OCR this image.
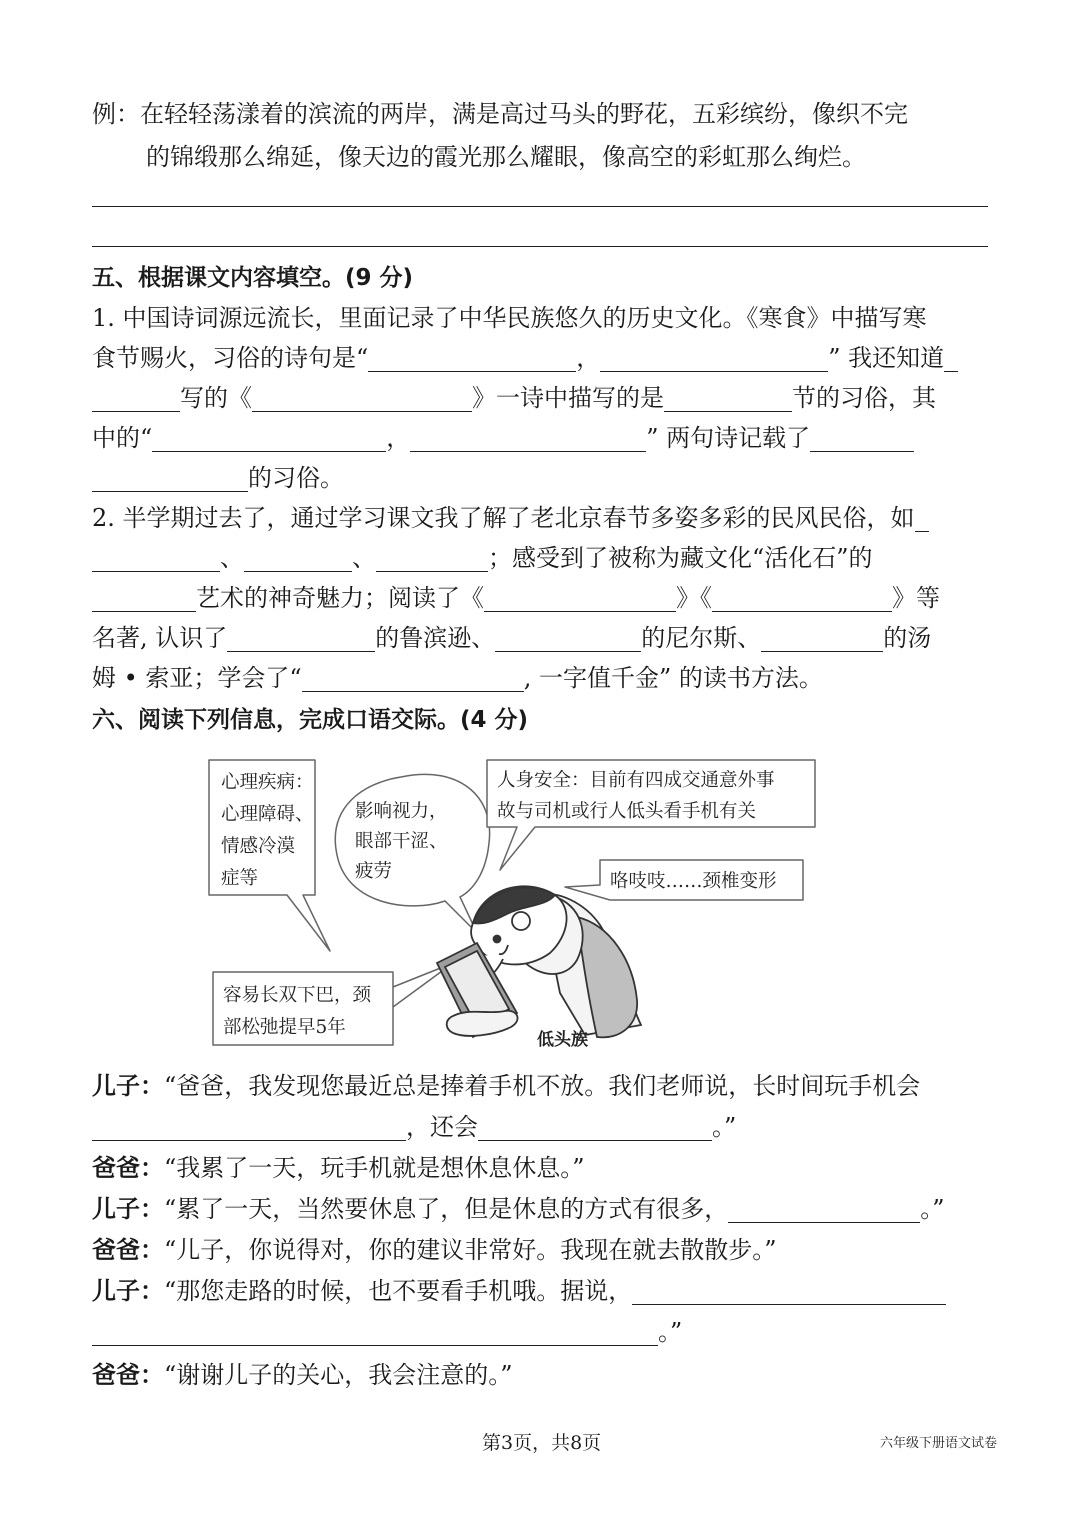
例：在轻轻荡漾着的滨流的两岸，满是高过马头的野花，五彩缤纷，像织不完
的锦缎那么绵延，像天边的霞光那么耀眼，像高空的彩虹那么绚烂。
五、根据课文内容填空。(9 分)
1. 中国诗词源远流长，里面记录了中华民族悠久的历史文化。《寒食》中描写寒
食节赐火，习俗的诗句是“	，	” 我还知道
写的《	》一诗中描写的是	节的习俗，其
中的“	，	” 两句诗记载了
的习俗。
2. 半学期过去了，通过学习课文我了解了老北京春节多姿多彩的民风民俗，如
、	、	；感受到了被称为藏文化“活化石”的
艺术的神奇魅力；阅读了《	》《	》等
名著, 认识了	的鲁滨逊、	的尼尔斯、	的汤
姆 • 索亚；学会了“	, 一字值千金” 的读书方法。
六、阅读下列信息，完成口语交际。(4 分)
心理疾病：
心理障碍、
情感冷漠
症等
影响视力，
眼部干涩、
疲劳
人身安全：目前有四成交通意外事
故与司机或行人低头看手机有关
咯吱吱……颈椎变形
容易长双下巴，颈
部松弛提早5年
低头族
儿子：“爸爸，我发现您最近总是捧着手机不放。我们老师说，长时间玩手机会
，还会	。”
爸爸：“我累了一天，玩手机就是想休息休息。”
儿子：“累了一天，当然要休息了，但是休息的方式有很多，	。”
爸爸：“儿子，你说得对，你的建议非常好。我现在就去散散步。”
儿子：“那您走路的时候，也不要看手机哦。据说，
。”
爸爸：“谢谢儿子的关心，我会注意的。”
第3页，共8页	六年级下册语文试卷
